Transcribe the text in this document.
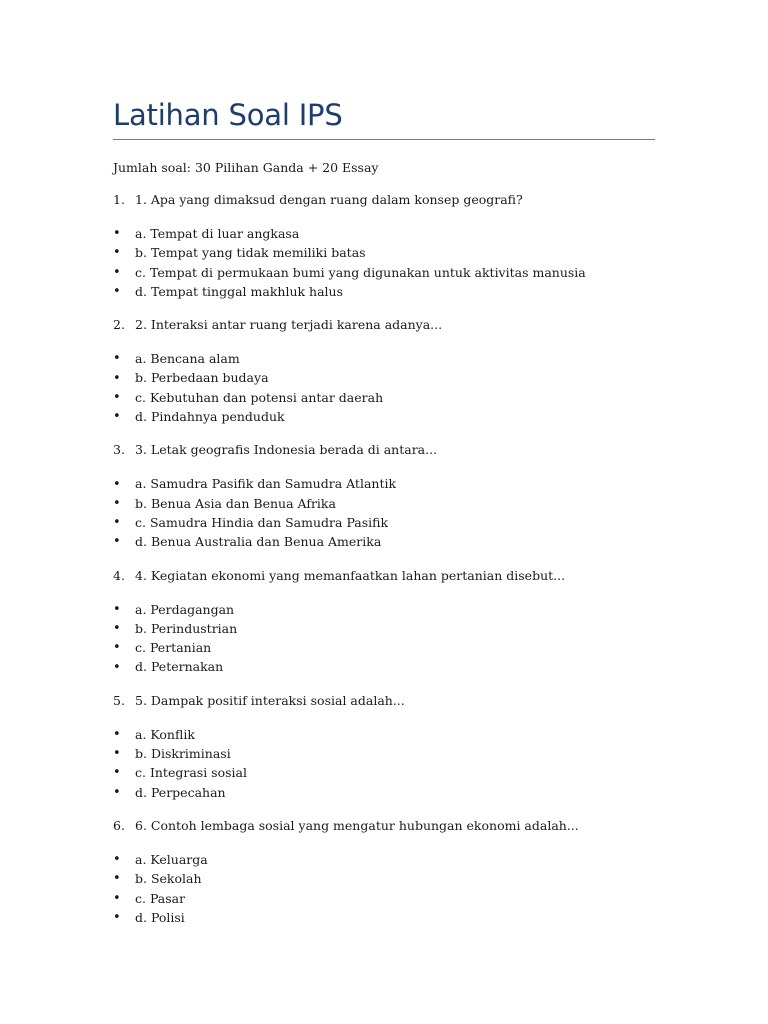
Latihan Soal IPS
Jumlah soal: 30 Pilihan Ganda + 20 Essay
1. 1. Apa yang dimaksud dengan ruang dalam konsep geografi?
•	a. Tempat di luar angkasa
•	b. Tempat yang tidak memiliki batas
•	c. Tempat di permukaan bumi yang digunakan untuk aktivitas manusia
•	d. Tempat tinggal makhluk halus
2. 2. Interaksi antar ruang terjadi karena adanya...
•	a. Bencana alam
•	b. Perbedaan budaya
•	c. Kebutuhan dan potensi antar daerah
•	d. Pindahnya penduduk
3. 3. Letak geografis Indonesia berada di antara...
•	a. Samudra Pasifik dan Samudra Atlantik
•	b. Benua Asia dan Benua Afrika
•	c. Samudra Hindia dan Samudra Pasifik
•	d. Benua Australia dan Benua Amerika
4. 4. Kegiatan ekonomi yang memanfaatkan lahan pertanian disebut...
•	a. Perdagangan
•	b. Perindustrian
•	c. Pertanian
•	d. Peternakan
5. 5. Dampak positif interaksi sosial adalah...
•	a. Konflik
•	b. Diskriminasi
•	c. Integrasi sosial
•	d. Perpecahan
6. 6. Contoh lembaga sosial yang mengatur hubungan ekonomi adalah...
•	a. Keluarga
•	b. Sekolah
•	c. Pasar
•	d. Polisi
